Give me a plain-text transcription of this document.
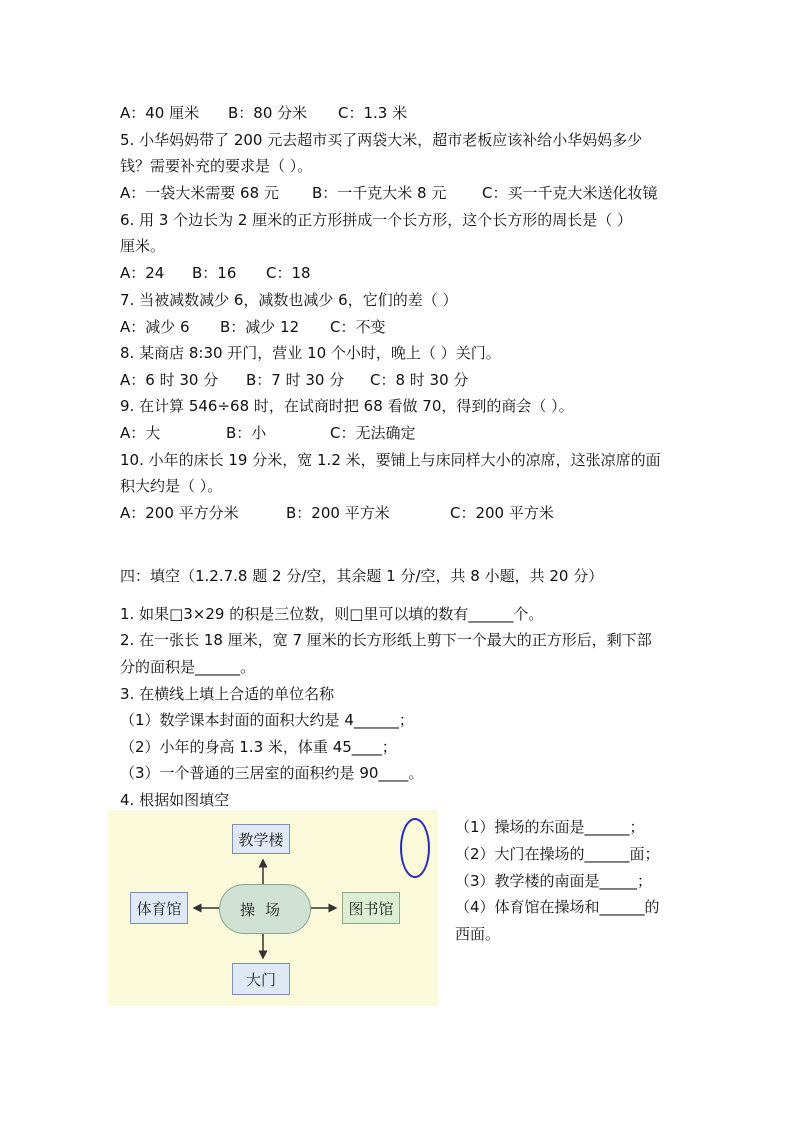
A：40 厘米 B：80 分米 C：1.3 米
5. 小华妈妈带了 200 元去超市买了两袋大米，超市老板应该补给小华妈妈多少
钱？需要补充的要求是（ ）。
A：一袋大米需要 68 元 B：一千克大米 8 元 C：买一千克大米送化妆镜
6. 用 3 个边长为 2 厘米的正方形拼成一个长方形，这个长方形的周长是（ ）
厘米。
A：24 B：16 C：18
7. 当被减数减少 6，减数也减少 6，它们的差（ ）
A：减少 6 B：减少 12 C：不变
8. 某商店 8:30 开门，营业 10 个小时，晚上（ ）关门。
A：6 时 30 分 B：7 时 30 分 C：8 时 30 分
9. 在计算 546÷68 时，在试商时把 68 看做 70，得到的商会（ ）。
A：大	B：小	C：无法确定
10. 小年的床长 19 分米，宽 1.2 米，要铺上与床同样大小的凉席，这张凉席的面
积大约是（ ）。
A：200 平方分米	B：200 平方米	C：200 平方米
四：填空（1.2.7.8 题 2 分/空，其余题 1 分/空，共 8 小题，共 20 分）
1. 如果□3×29 的积是三位数，则□里可以填的数有______个。
2. 在一张长 18 厘米，宽 7 厘米的长方形纸上剪下一个最大的正方形后，剩下部
分的面积是______。
3. 在横线上填上合适的单位名称
（1）数学课本封面的面积大约是 4______；
（2）小年的身高 1.3 米，体重 45____；
（3）一个普通的三居室的面积约是 90____。
4. 根据如图填空
教学楼
体育馆	操场	图书馆
大门
（1）操场的东面是______；
（2）大门在操场的______面；
（3）教学楼的南面是_____；
（4）体育馆在操场和______的
西面。
